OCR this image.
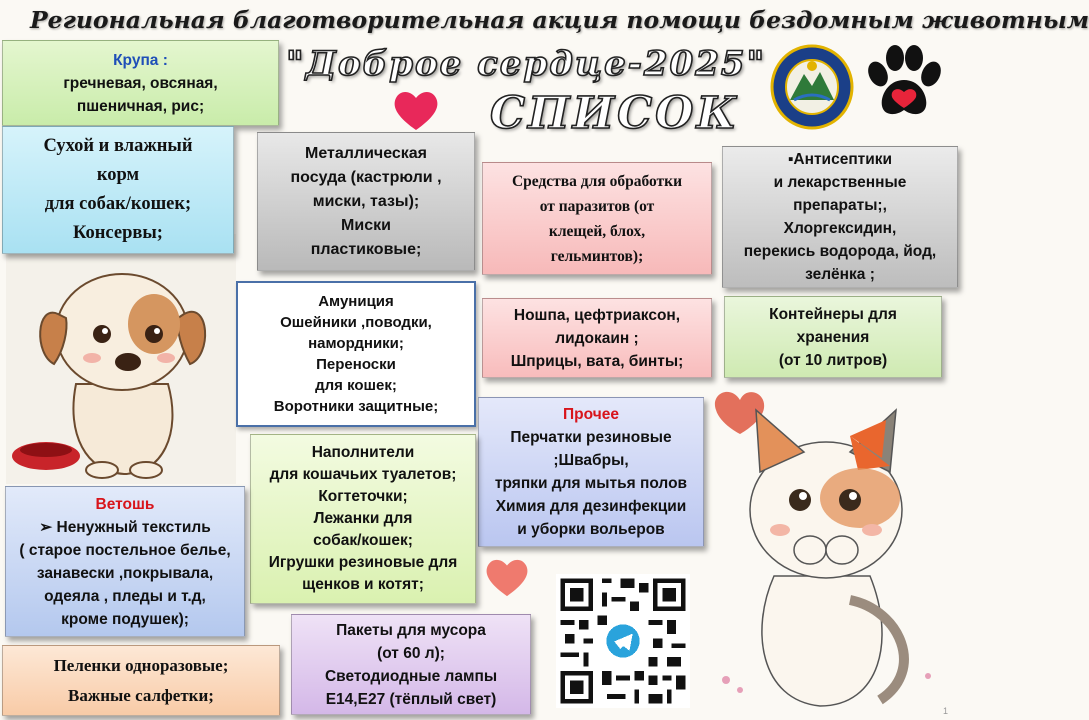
Региональная благотворительная акция помощи бездомным животным
"Доброе сердце-2025"
СПИСОК
Крупа :
гречневая, овсяная,
пшеничная, рис;
Сухой и влажный
корм
для собак/кошек;
Консервы;
Металлическая
посуда (кастрюли ,
миски, тазы);
Миски
пластиковые;
Средства для обработки
от паразитов (от
клещей, блох,
гельминтов);
▪Антисептики
и лекарственные
препараты;,
Хлоргексидин,
перекись водорода, йод,
зелёнка ;
Амуниция
Ошейники ,поводки,
намордники;
Переноски
для кошек;
Воротники защитные;
Ношпа, цефтриаксон,
лидокаин ;
Шприцы, вата, бинты;
Контейнеры для
хранения
(от 10 литров)
Прочее
Перчатки резиновые
;Швабры,
тряпки для мытья полов
Химия для дезинфекции
и уборки вольеров
Наполнители
для кошачьих туалетов;
Когтеточки;
Лежанки для
собак/кошек;
Игрушки резиновые для
щенков и котят;
Ветошь
➢ Ненужный текстиль
( старое постельное белье,
занавески ,покрывала,
одеяла , пледы и т.д,
кроме подушек);
Пакеты для мусора
(от 60 л);
Светодиодные лампы
Е14,Е27 (тёплый свет)
Пеленки одноразовые;
Важные салфетки;
1
